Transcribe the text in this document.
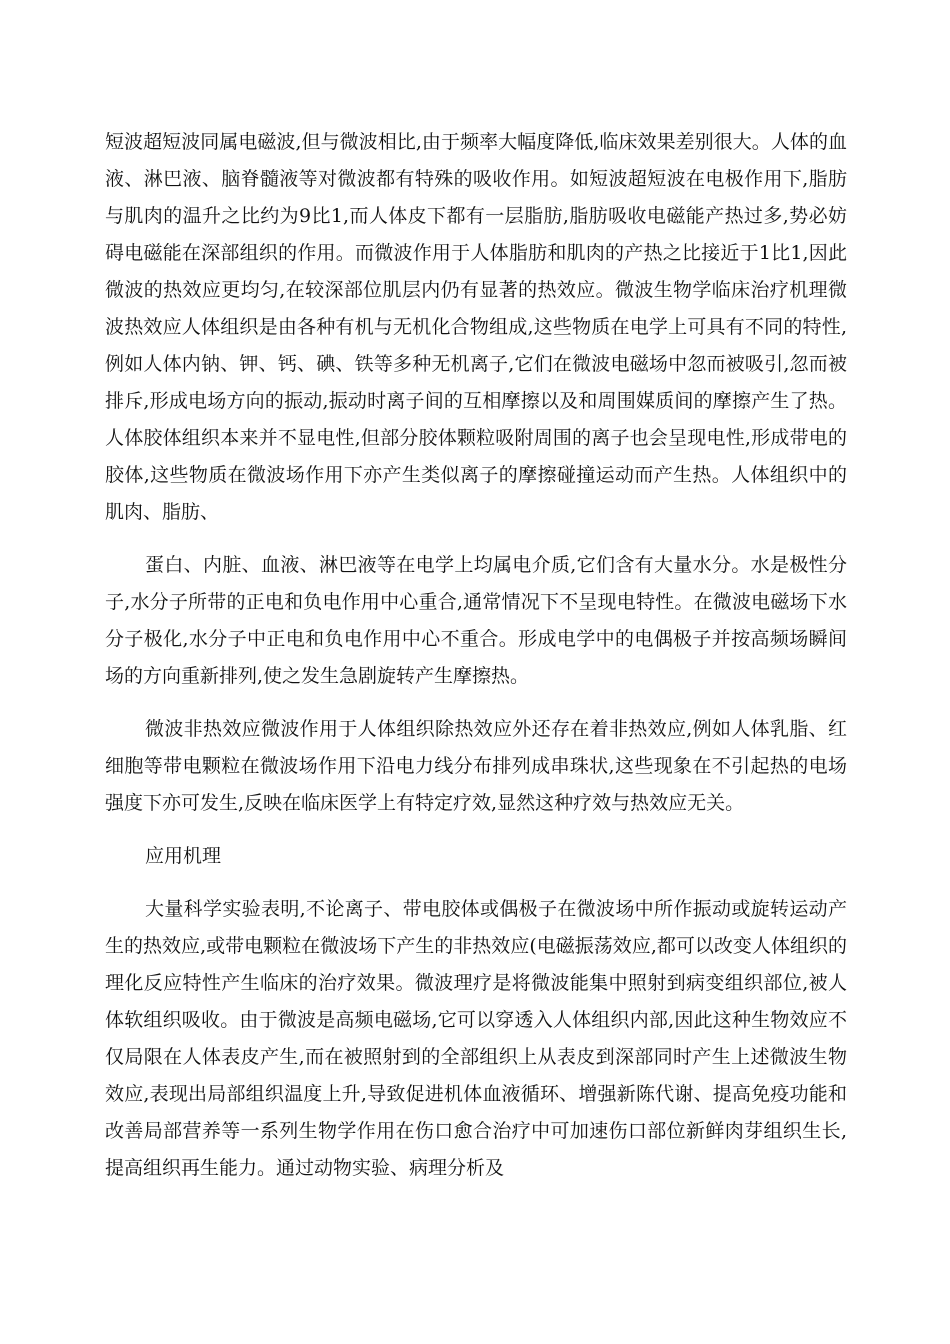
短波超短波同属电磁波,但与微波相比,由于频率大幅度降低,临床效果差别很大。人体的血液、淋巴液、脑脊髓液等对微波都有特殊的吸收作用。如短波超短波在电极作用下,脂肪与肌肉的温升之比约为9比1,而人体皮下都有一层脂肪,脂肪吸收电磁能产热过多,势必妨碍电磁能在深部组织的作用。而微波作用于人体脂肪和肌肉的产热之比接近于1比1,因此微波的热效应更均匀,在较深部位肌层内仍有显著的热效应。微波生物学临床治疗机理微波热效应人体组织是由各种有机与无机化合物组成,这些物质在电学上可具有不同的特性,例如人体内钠、钾、钙、碘、铁等多种无机离子,它们在微波电磁场中忽而被吸引,忽而被排斥,形成电场方向的振动,振动时离子间的互相摩擦以及和周围媒质间的摩擦产生了热。人体胶体组织本来并不显电性,但部分胶体颗粒吸附周围的离子也会呈现电性,形成带电的胶体,这些物质在微波场作用下亦产生类似离子的摩擦碰撞运动而产生热。人体组织中的肌肉、脂肪、

蛋白、内脏、血液、淋巴液等在电学上均属电介质,它们含有大量水分。水是极性分子,水分子所带的正电和负电作用中心重合,通常情况下不呈现电特性。在微波电磁场下水分子极化,水分子中正电和负电作用中心不重合。形成电学中的电偶极子并按高频场瞬间场的方向重新排列,使之发生急剧旋转产生摩擦热。

微波非热效应微波作用于人体组织除热效应外还存在着非热效应,例如人体乳脂、红细胞等带电颗粒在微波场作用下沿电力线分布排列成串珠状,这些现象在不引起热的电场强度下亦可发生,反映在临床医学上有特定疗效,显然这种疗效与热效应无关。

应用机理

大量科学实验表明,不论离子、带电胶体或偶极子在微波场中所作振动或旋转运动产生的热效应,或带电颗粒在微波场下产生的非热效应(电磁振荡效应,都可以改变人体组织的理化反应特性产生临床的治疗效果。微波理疗是将微波能集中照射到病变组织部位,被人体软组织吸收。由于微波是高频电磁场,它可以穿透入人体组织内部,因此这种生物效应不仅局限在人体表皮产生,而在被照射到的全部组织上从表皮到深部同时产生上述微波生物效应,表现出局部组织温度上升,导致促进机体血液循环、增强新陈代谢、提高免疫功能和改善局部营养等一系列生物学作用在伤口愈合治疗中可加速伤口部位新鲜肉芽组织生长,提高组织再生能力。通过动物实验、病理分析及
